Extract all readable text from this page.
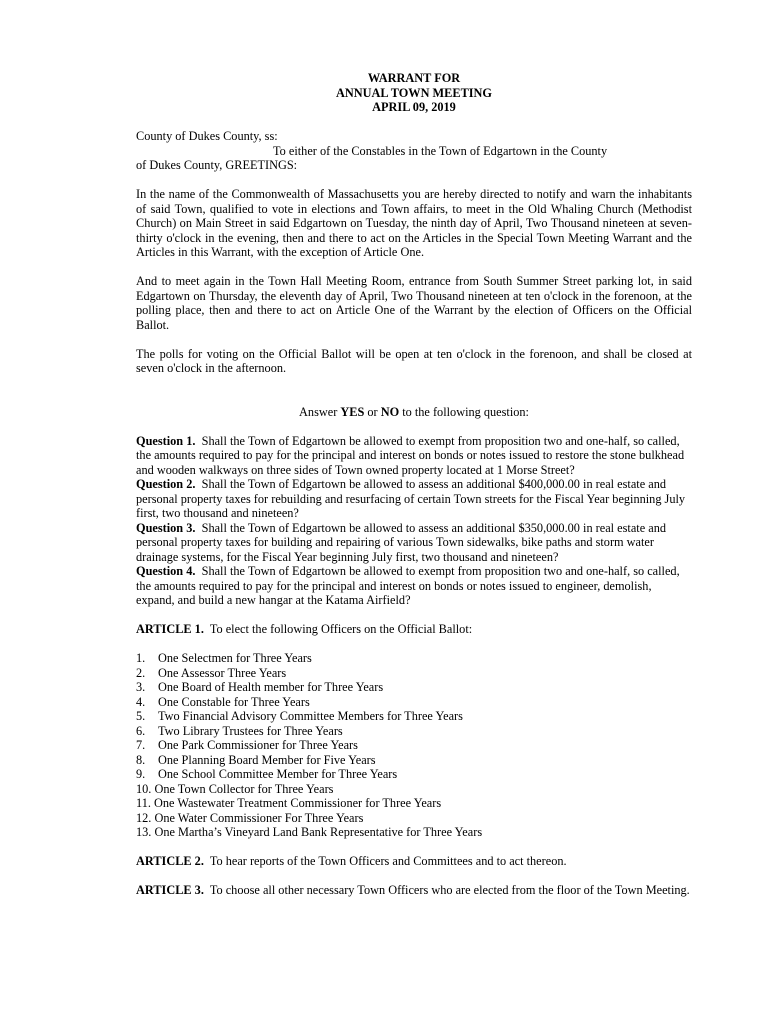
WARRANT FOR
ANNUAL TOWN MEETING
APRIL 09, 2019

County of Dukes County, ss:

To either of the Constables in the Town of Edgartown in the County

of Dukes County, GREETINGS:

In the name of the Commonwealth of Massachusetts you are hereby directed to notify and warn the inhabitants of said Town, qualified to vote in elections and Town affairs, to meet in the Old Whaling Church (Methodist Church) on Main Street in said Edgartown on Tuesday, the ninth day of April, Two Thousand nineteen at seven-thirty o'clock in the evening, then and there to act on the Articles in the Special Town Meeting Warrant and the Articles in this Warrant, with the exception of Article One.

And to meet again in the Town Hall Meeting Room, entrance from South Summer Street parking lot, in said Edgartown on Thursday, the eleventh day of April, Two Thousand nineteen at ten o'clock in the forenoon, at the polling place, then and there to act on Article One of the Warrant by the election of Officers on the Official Ballot.

The polls for voting on the Official Ballot will be open at ten o'clock in the forenoon, and shall be closed at seven o'clock in the afternoon.

Answer YES or NO to the following question:

Question 1. Shall the Town of Edgartown be allowed to exempt from proposition two and one-half, so called, the amounts required to pay for the principal and interest on bonds or notes issued to restore the stone bulkhead and wooden walkways on three sides of Town owned property located at 1 Morse Street?

Question 2. Shall the Town of Edgartown be allowed to assess an additional $400,000.00 in real estate and personal property taxes for rebuilding and resurfacing of certain Town streets for the Fiscal Year beginning July first, two thousand and nineteen?

Question 3. Shall the Town of Edgartown be allowed to assess an additional $350,000.00 in real estate and personal property taxes for building and repairing of various Town sidewalks, bike paths and storm water drainage systems, for the Fiscal Year beginning July first, two thousand and nineteen?

Question 4. Shall the Town of Edgartown be allowed to exempt from proposition two and one-half, so called, the amounts required to pay for the principal and interest on bonds or notes issued to engineer, demolish, expand, and build a new hangar at the Katama Airfield?

ARTICLE 1. To elect the following Officers on the Official Ballot:

1.	One Selectmen for Three Years
2.	One Assessor Three Years
3.	One Board of Health member for Three Years
4.	One Constable for Three Years
5.	Two Financial Advisory Committee Members for Three Years
6.	Two Library Trustees for Three Years
7.	One Park Commissioner for Three Years
8.	One Planning Board Member for Five Years
9.	One School Committee Member for Three Years
10.
One Town Collector for Three Years
11.
One Wastewater Treatment Commissioner for Three Years
12.
One Water Commissioner For Three Years
13.
One Martha’s Vineyard Land Bank Representative for Three Years

ARTICLE 2. To hear reports of the Town Officers and Committees and to act thereon.

ARTICLE 3. To choose all other necessary Town Officers who are elected from the floor of the Town Meeting.
